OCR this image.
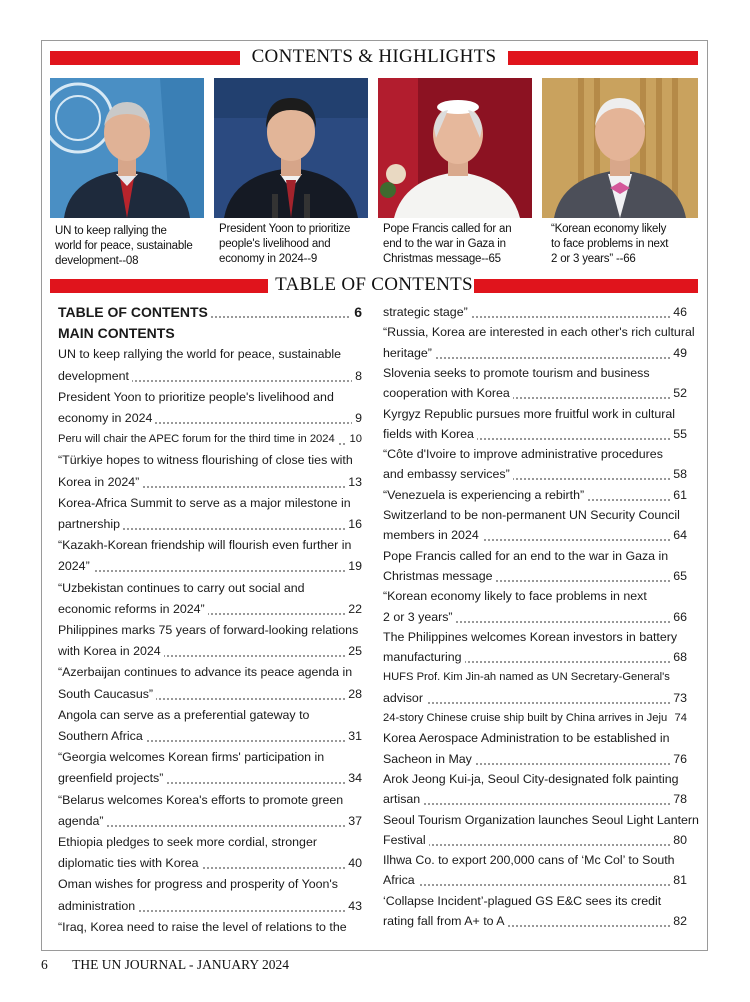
CONTENTS & HIGHLIGHTS
UN to keep rallying the
world for peace, sustainable
development--08
President Yoon to prioritize
people's livelihood and
economy in 2024--9
Pope Francis called for an
end to the war in Gaza in
Christmas message--65
“Korean economy likely
to face problems in next
2 or 3 years” --66
TABLE OF CONTENTS
TABLE OF CONTENTS	6
MAIN CONTENTS
UN to keep rallying the world for peace, sustainable
development	8
President Yoon to prioritize people's livelihood and
economy in 2024	9
Peru will chair the APEC forum for the third time in 2024 10
“Türkiye hopes to witness flourishing of close ties with
Korea in 2024”	13
Korea-Africa Summit to serve as a major milestone in
partnership	16
“Kazakh-Korean friendship will flourish even further in
2024”	19
“Uzbekistan continues to carry out social and
economic reforms in 2024”	22
Philippines marks 75 years of forward-looking relations
with Korea in 2024	25
“Azerbaijan continues to advance its peace agenda in
South Caucasus”	28
Angola can serve as a preferential gateway to
Southern Africa	31
“Georgia welcomes Korean firms' participation in
greenfield projects”	34
“Belarus welcomes Korea's efforts to promote green
agenda”	37
Ethiopia pledges to seek more cordial, stronger
diplomatic ties with Korea	40
Oman wishes for progress and prosperity of Yoon's
administration	43
“Iraq, Korea need to raise the level of relations to the
strategic stage”	46
“Russia, Korea are interested in each other's rich cultural
heritage”	49
Slovenia seeks to promote tourism and business
cooperation with Korea	52
Kyrgyz Republic pursues more fruitful work in cultural
fields with Korea	55
“Côte d'Ivoire to improve administrative procedures
and embassy services”	58
“Venezuela is experiencing a rebirth”	61
Switzerland to be non-permanent UN Security Council
members in 2024	64
Pope Francis called for an end to the war in Gaza in
Christmas message	65
“Korean economy likely to face problems in next
2 or 3 years”	66
The Philippines welcomes Korean investors in battery
manufacturing	68
HUFS Prof. Kim Jin-ah named as UN Secretary-General's
advisor	73
24-story Chinese cruise ship built by China arrives in Jeju 74
Korea Aerospace Administration to be established in
Sacheon in May	76
Arok Jeong Kui-ja, Seoul City-designated folk painting
artisan	78
Seoul Tourism Organization launches Seoul Light Lantern
Festival	80
Ilhwa Co. to export 200,000 cans of ‘Mc Col’ to South
Africa	81
‘Collapse Incident’-plagued GS E&C sees its credit
rating fall from A+ to A	82
6 THE UN JOURNAL - JANUARY 2024
